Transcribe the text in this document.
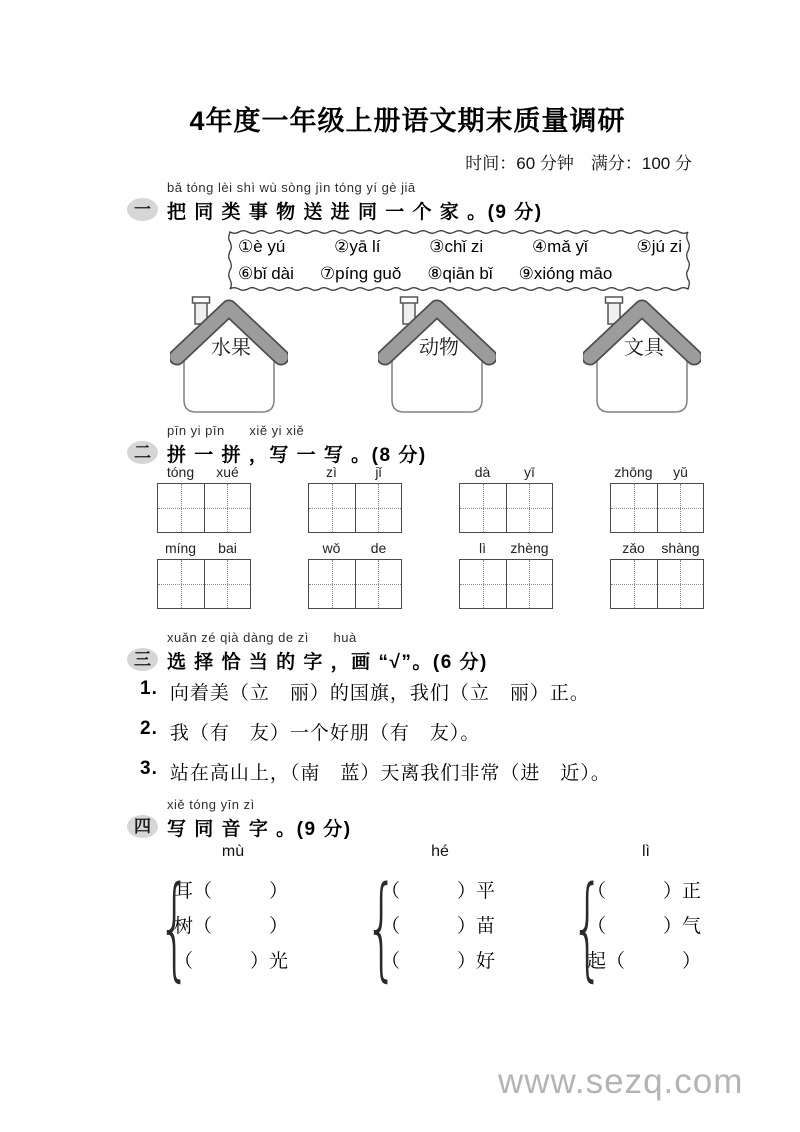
4年度一年级上册语文期末质量调研
时间：60 分钟　满分：100 分
一
bǎ tóng lèi shì wù sòng jìn tóng yí gè jiā
把 同 类 事 物 送 进 同 一 个 家 。(9 分)
①è yú	②yā lí	③chǐ zi	④mǎ yǐ	⑤jú zi
⑥bǐ dài ⑦píng guǒ ⑧qiān bǐ ⑨xióng māo
水果	动物	文具
二
pīn yi pīn      xiě yi xiě
拼 一 拼 ，写 一 写 。(8 分)
tóng	xué	zì	jǐ	dà	yī	zhōng	yǔ
míng	bai	wǒ	de	lì	zhèng	zǎo	shàng
三
xuǎn zé qià dàng de zì      huà
选 择 恰 当 的 字 ，画 “√”。(6 分)
1. 向着美（立　丽）的国旗，我们（立　丽）正。
2. 我（有　友）一个好朋（有　友）。
3. 站在高山上，（南　蓝）天离我们非常（进　近）。
四
xiě tóng yīn zì
写 同 音 字 。(9 分)
mù
{
耳（　　　）
树（　　　）
（　　　）光
hé
{
（　　　）平
（　　　）苗
（　　　）好
lì
{
（　　　）正
（　　　）气
起（　　　）
www.sezq.com
